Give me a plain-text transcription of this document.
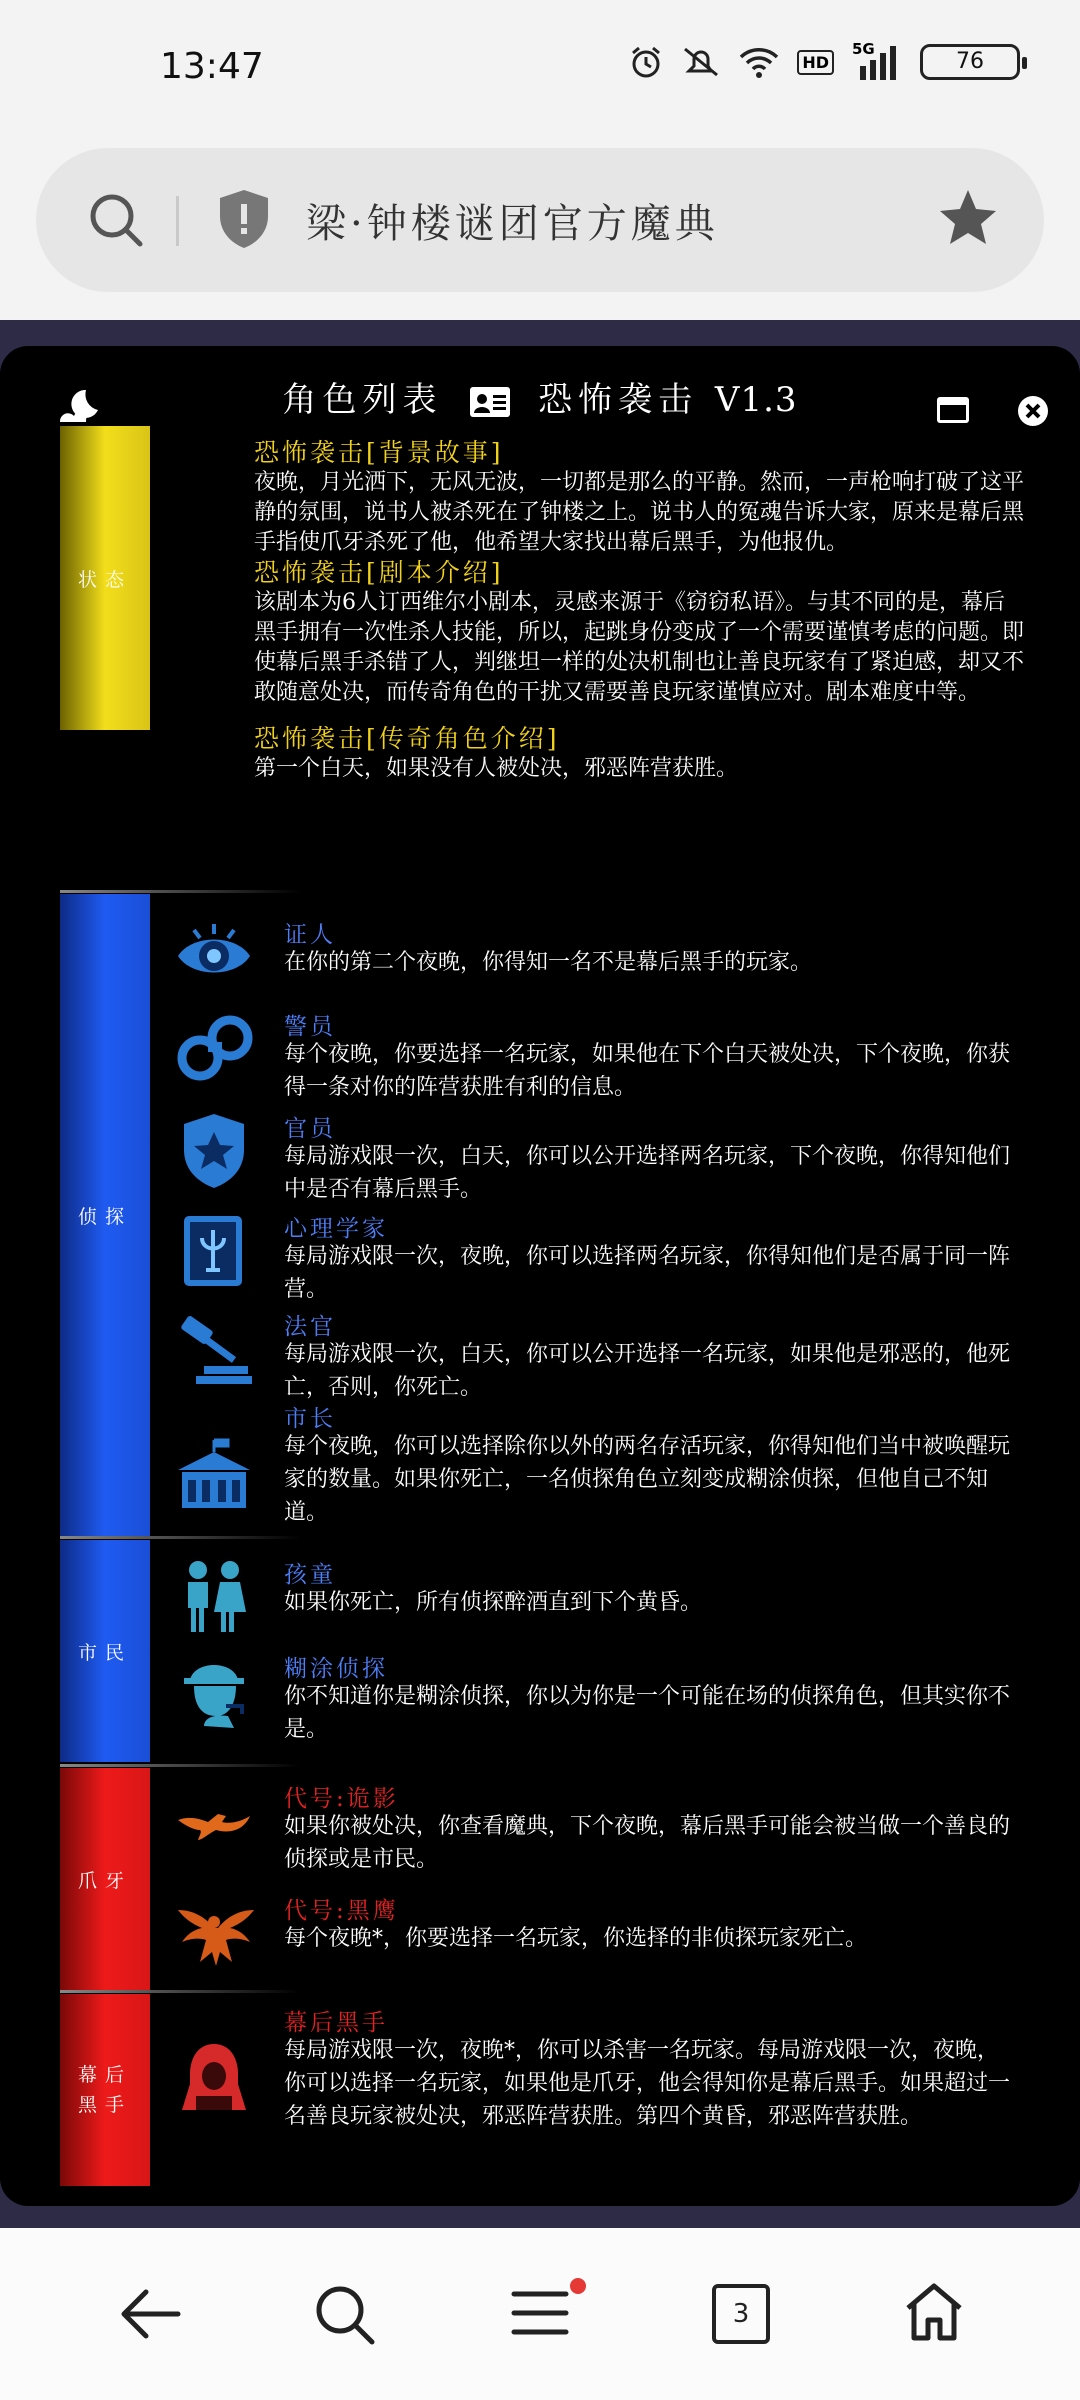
13:47	HD
5G	76
梁·钟楼谜团官方魔典
角色列表	恐怖袭击 V1.3
状态
侦探
市民
爪牙
幕后黑手
恐怖袭击[背景故事]
夜晚，月光洒下，无风无波，一切都是那么的平静。然而，一声枪响打破了这平静的氛围，说书人被杀死在了钟楼之上。说书人的冤魂告诉大家，原来是幕后黑手指使爪牙杀死了他，他希望大家找出幕后黑手，为他报仇。
恐怖袭击[剧本介绍]
该剧本为6人订西维尔小剧本，灵感来源于《窃窃私语》。与其不同的是，幕后黑手拥有一次性杀人技能，所以，起跳身份变成了一个需要谨慎考虑的问题。即使幕后黑手杀错了人，判继坦一样的处决机制也让善良玩家有了紧迫感，却又不敢随意处决，而传奇角色的干扰又需要善良玩家谨慎应对。剧本难度中等。
恐怖袭击[传奇角色介绍]
第一个白天，如果没有人被处决，邪恶阵营获胜。
证人
在你的第二个夜晚，你得知一名不是幕后黑手的玩家。
警员
每个夜晚，你要选择一名玩家，如果他在下个白天被处决，下个夜晚，你获得一条对你的阵营获胜有利的信息。
官员
每局游戏限一次，白天，你可以公开选择两名玩家，下个夜晚，你得知他们中是否有幕后黑手。
心理学家
每局游戏限一次，夜晚，你可以选择两名玩家，你得知他们是否属于同一阵营。
法官
每局游戏限一次，白天，你可以公开选择一名玩家，如果他是邪恶的，他死亡，否则，你死亡。
市长
每个夜晚，你可以选择除你以外的两名存活玩家，你得知他们当中被唤醒玩家的数量。如果你死亡，一名侦探角色立刻变成糊涂侦探，但他自己不知道。
孩童
如果你死亡，所有侦探醉酒直到下个黄昏。
糊涂侦探
你不知道你是糊涂侦探，你以为你是一个可能在场的侦探角色，但其实你不是。
代号:诡影
如果你被处决，你查看魔典，下个夜晚，幕后黑手可能会被当做一个善良的侦探或是市民。
代号:黑鹰
每个夜晚*，你要选择一名玩家，你选择的非侦探玩家死亡。
幕后黑手
每局游戏限一次，夜晚*，你可以杀害一名玩家。每局游戏限一次，夜晚，你可以选择一名玩家，如果他是爪牙，他会得知你是幕后黑手。如果超过一名善良玩家被处决，邪恶阵营获胜。第四个黄昏，邪恶阵营获胜。
3
